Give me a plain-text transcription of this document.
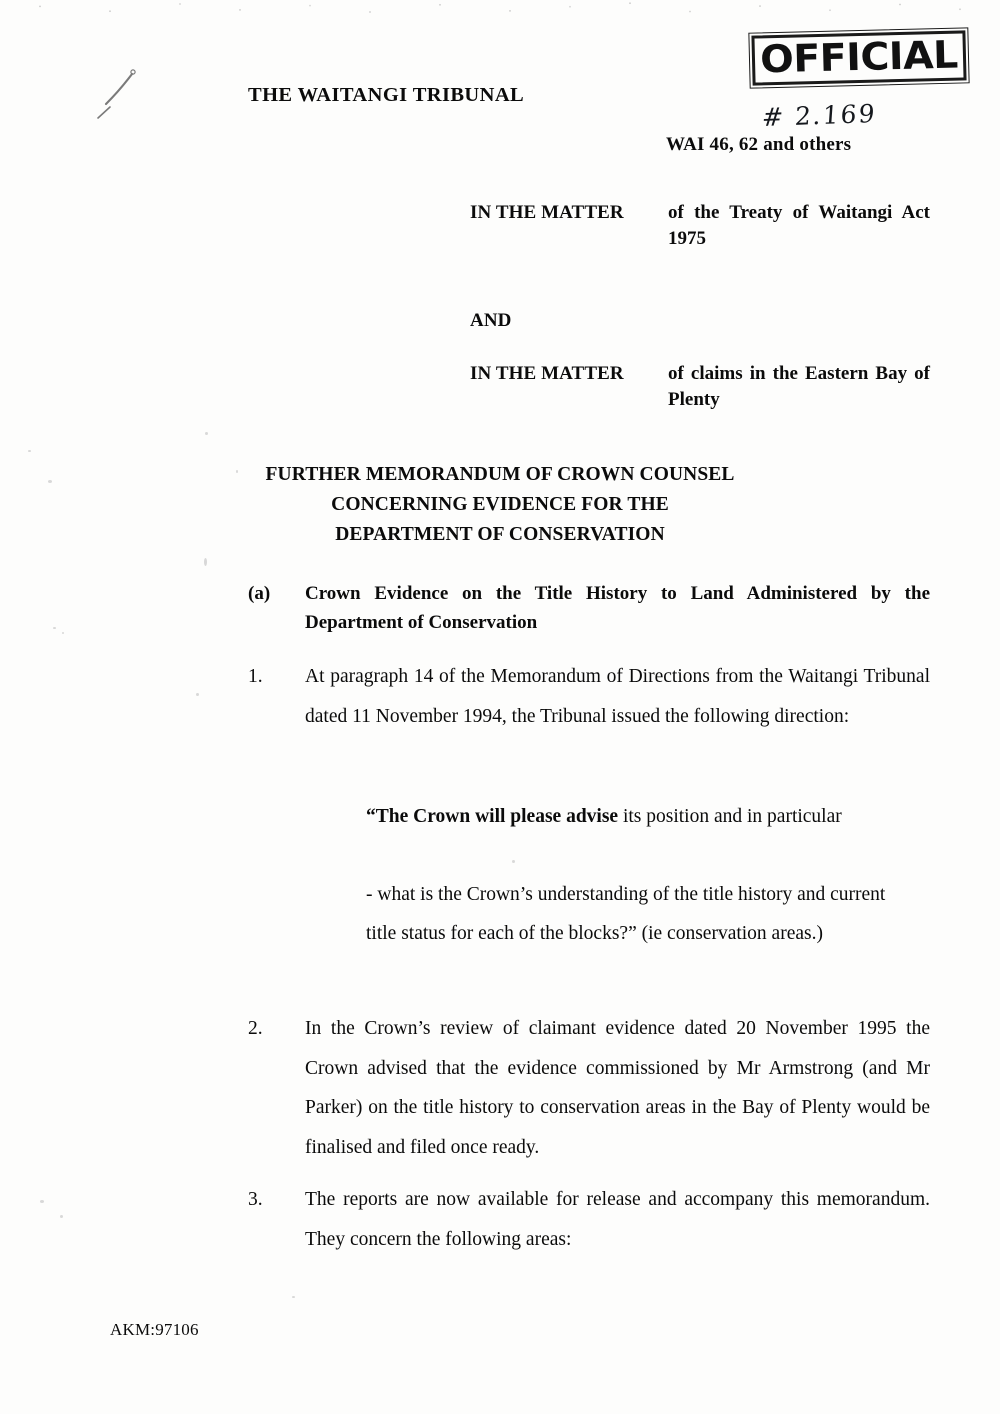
THE WAITANGI TRIBUNAL
OFFICIAL
# 2.169
WAI 46, 62 and others
IN THE MATTER	of the Treaty of Waitangi Act 1975
AND
IN THE MATTER	of claims in the Eastern Bay of Plenty
FURTHER MEMORANDUM OF CROWN COUNSEL
CONCERNING EVIDENCE FOR THE
DEPARTMENT OF CONSERVATION
(a)	Crown Evidence on the Title History to Land Administered by the Department of Conservation
1.	At paragraph 14 of the Memorandum of Directions from the Waitangi Tribunal dated 11 November 1994, the Tribunal issued the following direction:
“The Crown will please advise its position and in particular
- what is the Crown’s understanding of the title history and current title status for each of the blocks?” (ie conservation areas.)
2.	In the Crown’s review of claimant evidence dated 20 November 1995 the Crown advised that the evidence commissioned by Mr Armstrong (and Mr Parker) on the title history to conservation areas in the Bay of Plenty would be finalised and filed once ready.
3.	The reports are now available for release and accompany this memorandum. They concern the following areas:
AKM:97106
